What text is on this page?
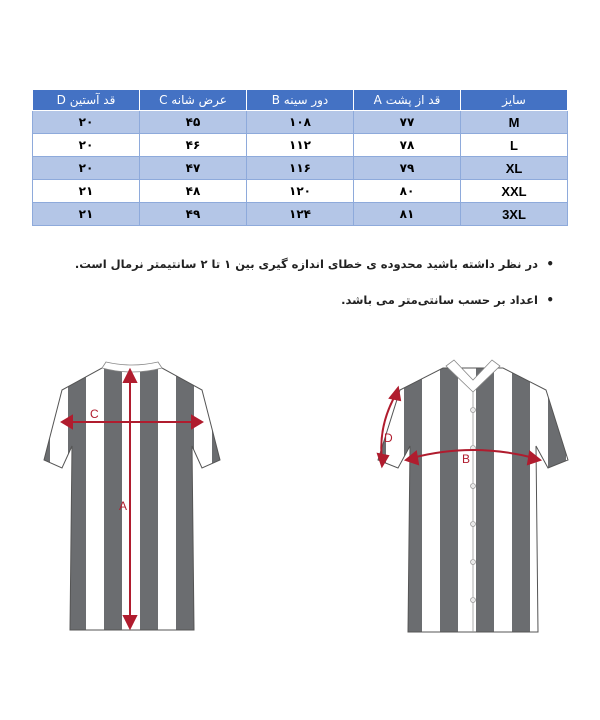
سایز	قد از پشت A	دور سینه B	عرض شانه C	قد آستین D
M	۷۷	۱۰۸	۴۵	۲۰
L	۷۸	۱۱۲	۴۶	۲۰
XL	۷۹	۱۱۶	۴۷	۲۰
XXL	۸۰	۱۲۰	۴۸	۲۱
3XL	۸۱	۱۲۴	۴۹	۲۱
• در نظر داشته باشید محدوده ی خطای اندازه گیری بین ۱ تا ۲ سانتیمتر نرمال است.
• اعداد بر حسب سانتی‌متر می باشد.
C
A
B
D
